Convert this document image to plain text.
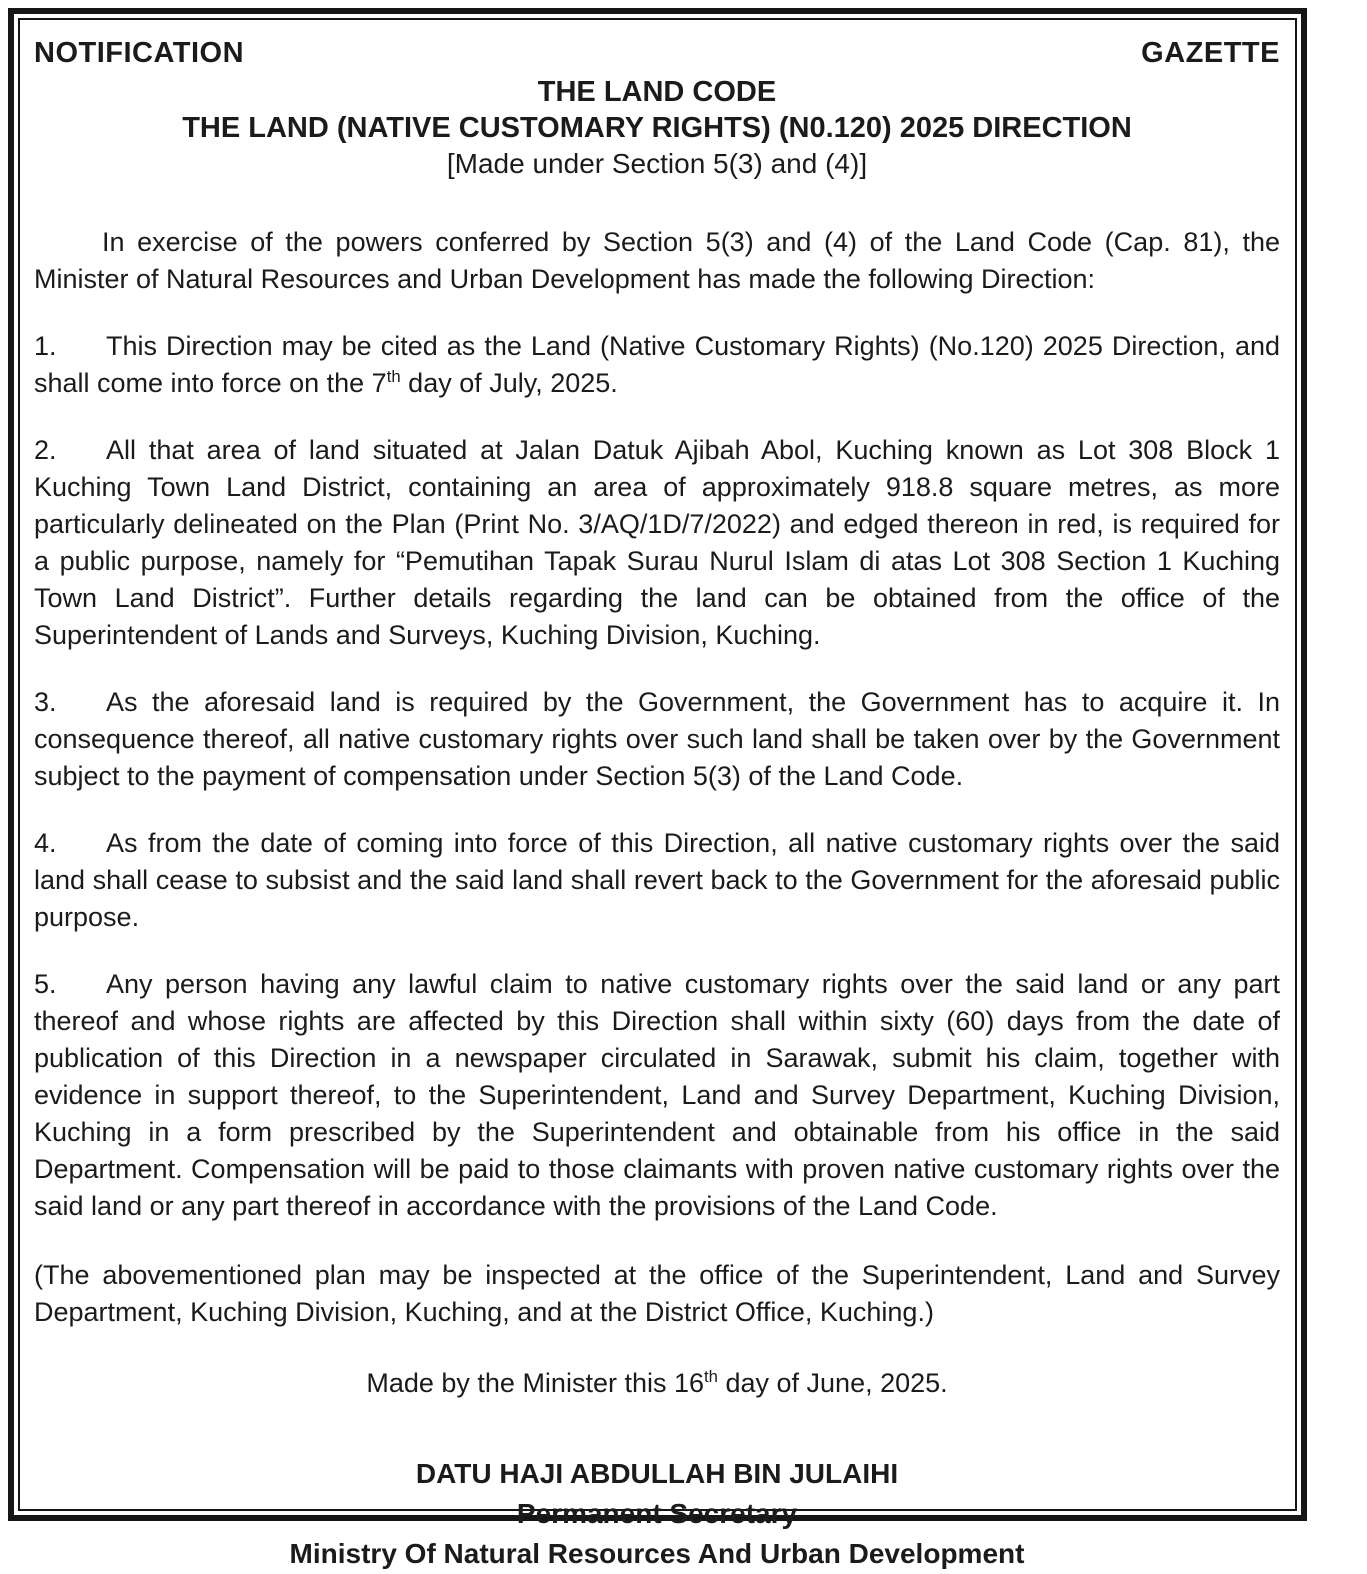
NOTIFICATION	GAZETTE
THE LAND CODE
THE LAND (NATIVE CUSTOMARY RIGHTS) (N0.120) 2025 DIRECTION
[Made under Section 5(3) and (4)]

In exercise of the powers conferred by Section 5(3) and (4) of the Land Code (Cap. 81), the Minister of Natural Resources and Urban Development has made the following Direction:

1. This Direction may be cited as the Land (Native Customary Rights) (No.120) 2025 Direction, and shall come into force on the 7th day of July, 2025.

2. All that area of land situated at Jalan Datuk Ajibah Abol, Kuching known as Lot 308 Block 1 Kuching Town Land District, containing an area of approximately 918.8 square metres, as more particularly delineated on the Plan (Print No. 3/AQ/1D/7/2022) and edged thereon in red, is required for a public purpose, namely for “Pemutihan Tapak Surau Nurul Islam di atas Lot 308 Section 1 Kuching Town Land District”. Further details regarding the land can be obtained from the office of the Superintendent of Lands and Surveys, Kuching Division, Kuching.

3. As the aforesaid land is required by the Government, the Government has to acquire it. In consequence thereof, all native customary rights over such land shall be taken over by the Government subject to the payment of compensation under Section 5(3) of the Land Code.

4. As from the date of coming into force of this Direction, all native customary rights over the said land shall cease to subsist and the said land shall revert back to the Government for the aforesaid public purpose.

5. Any person having any lawful claim to native customary rights over the said land or any part thereof and whose rights are affected by this Direction shall within sixty (60) days from the date of publication of this Direction in a newspaper circulated in Sarawak, submit his claim, together with evidence in support thereof, to the Superintendent, Land and Survey Department, Kuching Division, Kuching in a form prescribed by the Superintendent and obtainable from his office in the said Department. Compensation will be paid to those claimants with proven native customary rights over the said land or any part thereof in accordance with the provisions of the Land Code.

(The abovementioned plan may be inspected at the office of the Superintendent, Land and Survey Department, Kuching Division, Kuching, and at the District Office, Kuching.)

Made by the Minister this 16th day of June, 2025.

DATU HAJI ABDULLAH BIN JULAIHI
Permanent Secretary
Ministry Of Natural Resources And Urban Development
